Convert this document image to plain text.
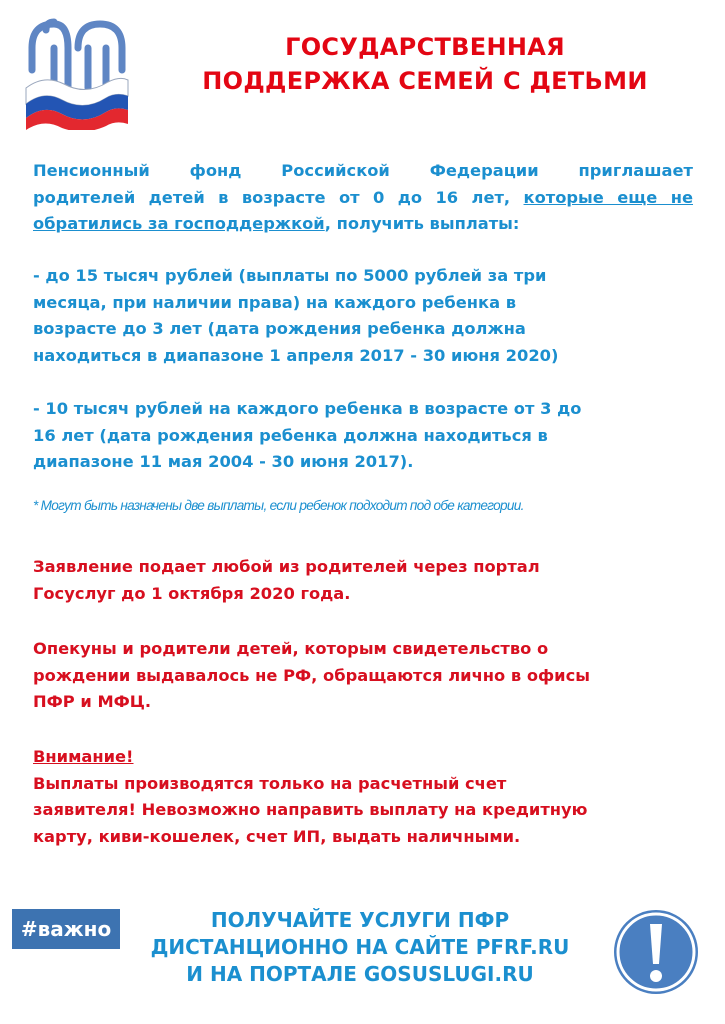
ГОСУДАРСТВЕННАЯ
ПОДДЕРЖКА СЕМЕЙ С ДЕТЬМИ
Пенсионный фонд Российской Федерации приглашает
родителей детей в возрасте от 0 до 16 лет, которые еще не
обратились за господдержкой, получить выплаты:
- до 15 тысяч рублей (выплаты по 5000 рублей за три
месяца, при наличии права) на каждого ребенка в
возрасте до 3 лет (дата рождения ребенка должна
находиться в диапазоне 1 апреля 2017 - 30 июня 2020)
- 10 тысяч рублей на каждого ребенка в возрасте от 3 до
16 лет (дата рождения ребенка должна находиться в
диапазоне 11 мая 2004 - 30 июня 2017).
* Могут быть назначены две выплаты, если ребенок подходит под обе категории.
Заявление подает любой из родителей через портал
Госуслуг до 1 октября 2020 года.
Опекуны и родители детей, которым свидетельство о
рождении выдавалось не РФ, обращаются лично в офисы
ПФР и МФЦ.
Внимание!
Выплаты производятся только на расчетный счет
заявителя! Невозможно направить выплату на кредитную
карту, киви-кошелек, счет ИП, выдать наличными.
#важно	ПОЛУЧАЙТЕ УСЛУГИ ПФР
ДИСТАНЦИОННО НА САЙТЕ PFRF.RU
И НА ПОРТАЛЕ GOSUSLUGI.RU
